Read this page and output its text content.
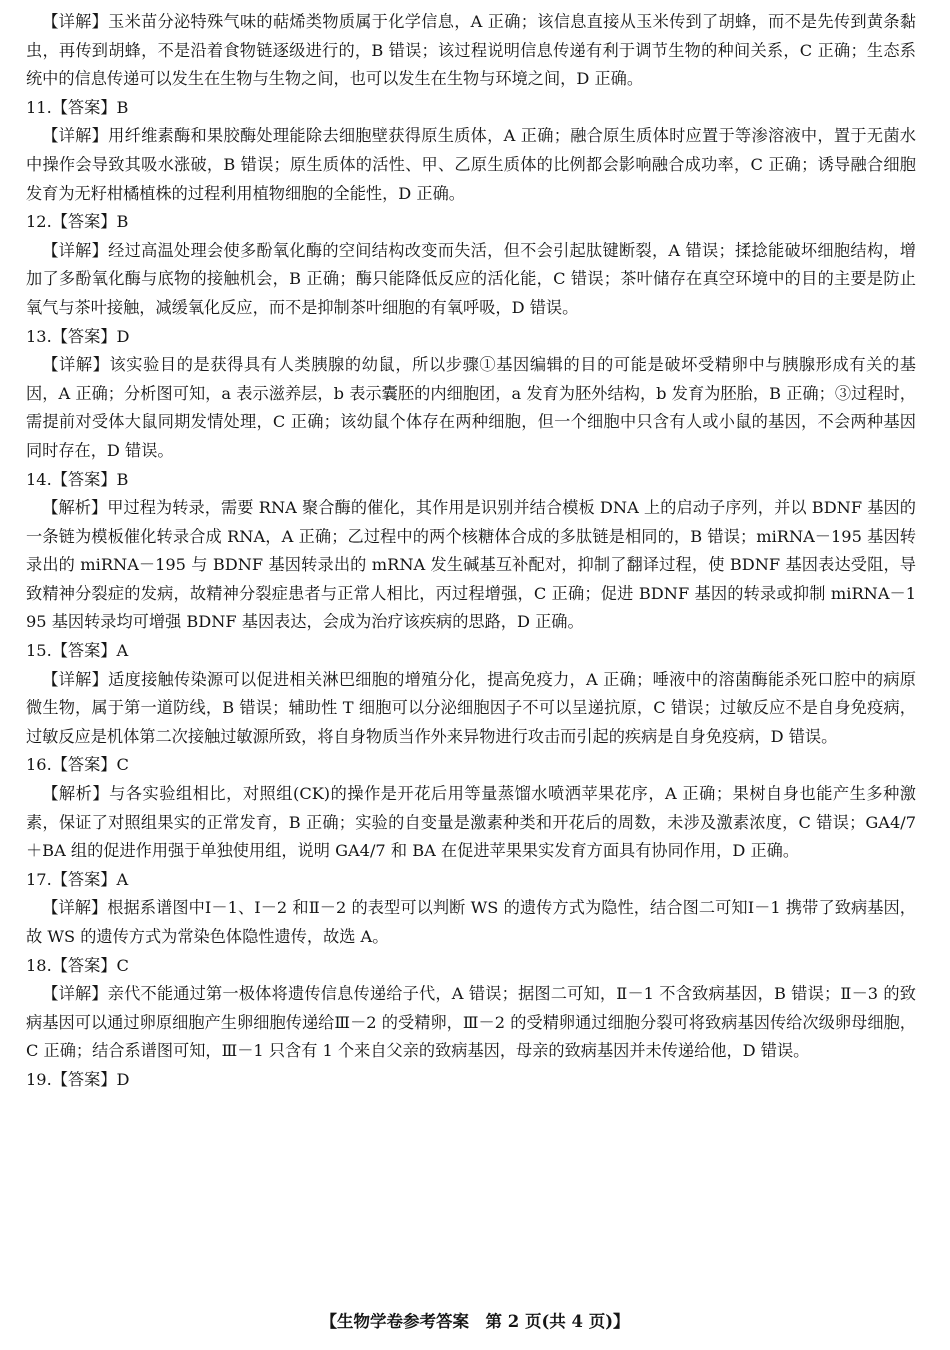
【详解】玉米苗分泌特殊气味的萜烯类物质属于化学信息，A 正确；该信息直接从玉米传到了胡蜂，而不是先传到黄条黏虫，再传到胡蜂，不是沿着食物链逐级进行的，B 错误；该过程说明信息传递有利于调节生物的种间关系，C 正确；生态系统中的信息传递可以发生在生物与生物之间，也可以发生在生物与环境之间，D 正确。

11.【答案】B

【详解】用纤维素酶和果胶酶处理能除去细胞壁获得原生质体，A 正确；融合原生质体时应置于等渗溶液中，置于无菌水中操作会导致其吸水涨破，B 错误；原生质体的活性、甲、乙原生质体的比例都会影响融合成功率，C 正确；诱导融合细胞发育为无籽柑橘植株的过程利用植物细胞的全能性，D 正确。

12.【答案】B

【详解】经过高温处理会使多酚氧化酶的空间结构改变而失活，但不会引起肽键断裂，A 错误；揉捻能破坏细胞结构，增加了多酚氧化酶与底物的接触机会，B 正确；酶只能降低反应的活化能，C 错误；茶叶储存在真空环境中的目的主要是防止氧气与茶叶接触，减缓氧化反应，而不是抑制茶叶细胞的有氧呼吸，D 错误。

13.【答案】D

【详解】该实验目的是获得具有人类胰腺的幼鼠，所以步骤①基因编辑的目的可能是破坏受精卵中与胰腺形成有关的基因，A 正确；分析图可知，a 表示滋养层，b 表示囊胚的内细胞团，a 发育为胚外结构，b 发育为胚胎，B 正确；③过程时，需提前对受体大鼠同期发情处理，C 正确；该幼鼠个体存在两种细胞，但一个细胞中只含有人或小鼠的基因，不会两种基因同时存在，D 错误。

14.【答案】B

【解析】甲过程为转录，需要 RNA 聚合酶的催化，其作用是识别并结合模板 DNA 上的启动子序列，并以 BDNF 基因的一条链为模板催化转录合成 RNA，A 正确；乙过程中的两个核糖体合成的多肽链是相同的，B 错误；miRNA－195 基因转录出的 miRNA－195 与 BDNF 基因转录出的 mRNA 发生碱基互补配对，抑制了翻译过程，使 BDNF 基因表达受阻，导致精神分裂症的发病，故精神分裂症患者与正常人相比，丙过程增强，C 正确；促进 BDNF 基因的转录或抑制 miRNA－195 基因转录均可增强 BDNF 基因表达，会成为治疗该疾病的思路，D 正确。

15.【答案】A

【详解】适度接触传染源可以促进相关淋巴细胞的增殖分化，提高免疫力，A 正确；唾液中的溶菌酶能杀死口腔中的病原微生物，属于第一道防线，B 错误；辅助性 T 细胞可以分泌细胞因子不可以呈递抗原，C 错误；过敏反应不是自身免疫病，过敏反应是机体第二次接触过敏源所致，将自身物质当作外来异物进行攻击而引起的疾病是自身免疫病，D 错误。

16.【答案】C

【解析】与各实验组相比，对照组(CK)的操作是开花后用等量蒸馏水喷洒苹果花序，A 正确；果树自身也能产生多种激素，保证了对照组果实的正常发育，B 正确；实验的自变量是激素种类和开花后的周数，未涉及激素浓度，C 错误；GA4/7＋BA 组的促进作用强于单独使用组，说明 GA4/7 和 BA 在促进苹果果实发育方面具有协同作用，D 正确。

17.【答案】A

【详解】根据系谱图中Ⅰ－1、Ⅰ－2 和Ⅱ－2 的表型可以判断 WS 的遗传方式为隐性，结合图二可知Ⅰ－1 携带了致病基因，故 WS 的遗传方式为常染色体隐性遗传，故选 A。

18.【答案】C

【详解】亲代不能通过第一极体将遗传信息传递给子代，A 错误；据图二可知，Ⅱ－1 不含致病基因，B 错误；Ⅱ－3 的致病基因可以通过卵原细胞产生卵细胞传递给Ⅲ－2 的受精卵，Ⅲ－2 的受精卵通过细胞分裂可将致病基因传给次级卵母细胞，C 正确；结合系谱图可知，Ⅲ－1 只含有 1 个来自父亲的致病基因，母亲的致病基因并未传递给他，D 错误。

19.【答案】D

【生物学卷参考答案　第 2 页(共 4 页)】
